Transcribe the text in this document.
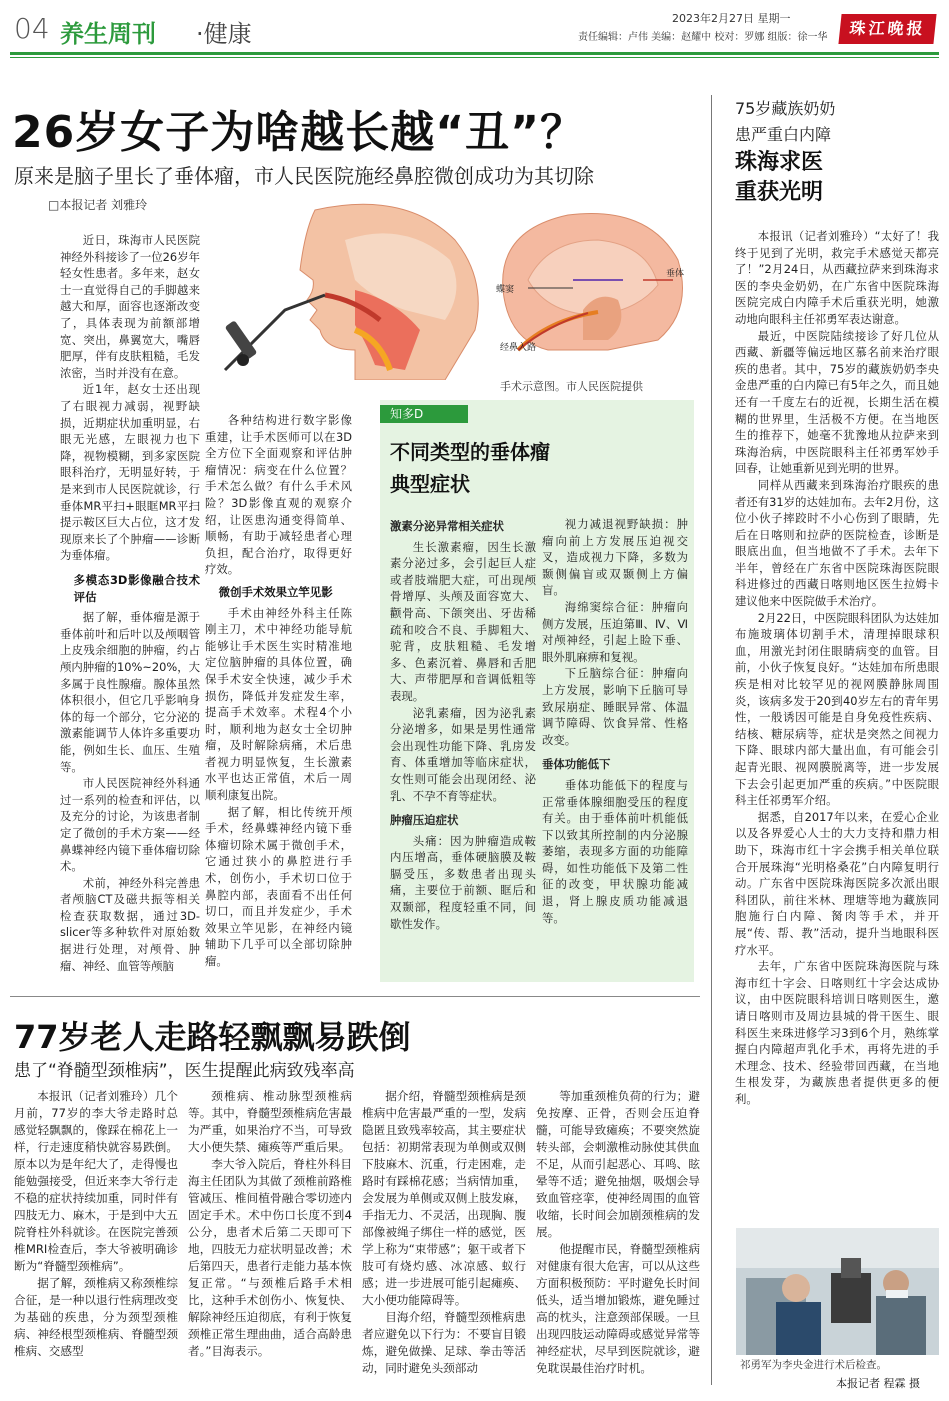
04 养生周刊 ·健康
2023年2月27日 星期一
责任编辑：卢伟 美编：赵耀中 校对：罗娜 组版：徐一华	珠江晚报
26岁女子为啥越长越“丑”？
原来是脑子里长了垂体瘤，市人民医院施经鼻腔微创成功为其切除
□本报记者 刘雅玲
蝶窦
垂体
经鼻入路
手术示意图。市人民医院提供

近日，珠海市人民医院神经外科接诊了一位26岁年轻女性患者。多年来，赵女士一直觉得自己的手脚越来越大和厚，面容也逐渐改变了，具体表现为前额部增宽、突出，鼻翼宽大，嘴唇肥厚，伴有皮肤粗糙，毛发浓密，当时并没有在意。

近1年，赵女士还出现了右眼视力减弱，视野缺损，近期症状加重明显，右眼无光感，左眼视力也下降，视物模糊，到多家医院眼科治疗，无明显好转，于是来到市人民医院就诊，行垂体MR平扫+眼眶MR平扫提示鞍区巨大占位，这才发现原来长了个肿瘤——诊断为垂体瘤。

多模态3D影像融合技术评估

据了解，垂体瘤是源于垂体前叶和后叶以及颅咽管上皮残余细胞的肿瘤，约占颅内肿瘤的10%~20%，大多属于良性腺瘤。腺体虽然体积很小，但它几乎影响身体的每一个部分，它分泌的激素能调节人体许多重要功能，例如生长、血压、生殖等。

市人民医院神经外科通过一系列的检查和评估，以及充分的讨论，为该患者制定了微创的手术方案——经鼻蝶神经内镜下垂体瘤切除术。

术前，神经外科完善患者颅脑CT及磁共振等相关检查获取数据，通过3D-slicer等多种软件对原始数据进行处理，对颅骨、肿瘤、神经、血管等颅脑

各种结构进行数字影像重建，让手术医师可以在3D全方位下全面观察和评估肿瘤情况：病变在什么位置？手术怎么做？有什么手术风险？3D影像直观的观察介绍，让医患沟通变得简单、顺畅，有助于减轻患者心理负担，配合治疗，取得更好疗效。

微创手术效果立竿见影

手术由神经外科主任陈刚主刀，术中神经功能导航能够让手术医生实时精准地定位脑肿瘤的具体位置，确保手术安全快速，减少手术损伤，降低并发症发生率，提高手术效率。术程4个小时，顺利地为赵女士全切肿瘤，及时解除病痛，术后患者视力明显恢复，生长激素水平也达正常值，术后一周顺利康复出院。

据了解，相比传统开颅手术，经鼻蝶神经内镜下垂体瘤切除术属于微创手术，它通过狭小的鼻腔进行手术，创伤小，手术切口位于鼻腔内部，表面看不出任何切口，而且并发症少，手术效果立竿见影，在神经内镜辅助下几乎可以全部切除肿瘤。

知多D
不同类型的垂体瘤
典型症状
激素分泌异常相关症状

生长激素瘤，因生长激素分泌过多，会引起巨人症或者肢端肥大症，可出现颅骨增厚、头颅及面容宽大、颧骨高、下颌突出、牙齿稀疏和咬合不良、手脚粗大、驼背，皮肤粗糙、毛发增多、色素沉着、鼻唇和舌肥大、声带肥厚和音调低粗等表现。

泌乳素瘤，因为泌乳素分泌增多，如果是男性通常会出现性功能下降、乳房发育、体重增加等临床症状，女性则可能会出现闭经、泌乳、不孕不育等症状。

肿瘤压迫症状

头痛：因为肿瘤造成鞍内压增高，垂体硬脑膜及鞍膈受压，多数患者出现头痛，主要位于前额、眶后和双颞部，程度轻重不同，间歇性发作。

视力减退视野缺损：肿瘤向前上方发展压迫视交叉，造成视力下降，多数为颞侧偏盲或双颞侧上方偏盲。

海绵窦综合征：肿瘤向侧方发展，压迫第Ⅲ、Ⅳ、Ⅵ对颅神经，引起上睑下垂、眼外肌麻痹和复视。

下丘脑综合征：肿瘤向上方发展，影响下丘脑可导致尿崩症、睡眠异常、体温调节障碍、饮食异常、性格改变。

垂体功能低下

垂体功能低下的程度与正常垂体腺细胞受压的程度有关。由于垂体前叶机能低下以致其所控制的内分泌腺萎缩，表现多方面的功能障碍，如性功能低下及第二性征的改变，甲状腺功能减退，肾上腺皮质功能减退等。

75岁藏族奶奶
患严重白内障
珠海求医
重获光明

本报讯（记者刘雅玲）“太好了！我终于见到了光明，救完手术感觉天都亮了！”2月24日，从西藏拉萨来到珠海求医的李央金奶奶，在广东省中医院珠海医院完成白内障手术后重获光明，她激动地向眼科主任祁勇军表达谢意。

最近，中医院陆续接诊了好几位从西藏、新疆等偏远地区慕名前来治疗眼疾的患者。其中，75岁的藏族奶奶李央金患严重的白内障已有5年之久，而且她还有一千度左右的近视，长期生活在模糊的世界里，生活极不方便。在当地医生的推荐下，她毫不犹豫地从拉萨来到珠海治病，中医院眼科主任祁勇军妙手回春，让她重新见到光明的世界。

同样从西藏来到珠海治疗眼疾的患者还有31岁的达娃加布。去年2月份，这位小伙子摔跤时不小心伤到了眼睛，先后在日喀则和拉萨的医院检查，诊断是眼底出血，但当地做不了手术。去年下半年，曾经在广东省中医院珠海医院眼科进修过的西藏日喀则地区医生拉姆卡建议他来中医院做手术治疗。

2月22日，中医院眼科团队为达娃加布施玻璃体切割手术，清理掉眼球积血，用激光封闭住眼睛病变的血管。目前，小伙子恢复良好。“达娃加布所患眼疾是相对比较罕见的视网膜静脉周围炎，该病多发于20到40岁左右的青年男性，一般诱因可能是自身免疫性疾病、结核、糖尿病等，症状是突然之间视力下降、眼球内部大量出血，有可能会引起青光眼、视网膜脱离等，进一步发展下去会引起更加严重的疾病。”中医院眼科主任祁勇军介绍。

据悉，自2017年以来，在爱心企业以及各界爱心人士的大力支持和鼎力相助下，珠海市红十字会携手相关单位联合开展珠海“光明格桑花”白内障复明行动。广东省中医院珠海医院多次派出眼科团队，前往米林、理塘等地为藏族同胞施行白内障、胬肉等手术，并开展“传、帮、教”活动，提升当地眼科医疗水平。

去年，广东省中医院珠海医院与珠海市红十字会、日喀则红十字会达成协议，由中医院眼科培训日喀则医生，邀请日喀则市及周边县城的骨干医生、眼科医生来珠进修学习3到6个月，熟练掌握白内障超声乳化手术，再将先进的手术理念、技术、经验带回西藏，在当地生根发芽，为藏族患者提供更多的便利。

祁勇军为李央金进行术后检查。
本报记者 程霖 摄
77岁老人走路轻飘飘易跌倒
患了“脊髓型颈椎病”，医生提醒此病致残率高

本报讯（记者刘雅玲）几个月前，77岁的李大爷走路时总感觉轻飘飘的，像踩在棉花上一样，行走速度稍快就容易跌倒。原本以为是年纪大了，走得慢也能勉强接受，但近来李大爷行走不稳的症状持续加重，同时伴有四肢无力、麻木，于是到中大五院脊柱外科就诊。在医院完善颈椎MRI检查后，李大爷被明确诊断为“脊髓型颈椎病”。

据了解，颈椎病又称颈椎综合征，是一种以退行性病理改变为基础的疾患，分为颈型颈椎病、神经根型颈椎病、脊髓型颈椎病、交感型

颈椎病、椎动脉型颈椎病等。其中，脊髓型颈椎病危害最为严重，如果治疗不当，可导致大小便失禁、瘫痪等严重后果。

李大爷入院后，脊柱外科目海主任团队为其做了颈椎前路椎管减压、椎间植骨融合零切迹内固定手术。术中伤口长度不到4公分，患者术后第二天即可下地，四肢无力症状明显改善；术后第四天，患者行走能力基本恢复正常。“与颈椎后路手术相比，这种手术创伤小、恢复快、解除神经压迫彻底，有利于恢复颈椎正常生理曲曲，适合高龄患者。”目海表示。

据介绍，脊髓型颈椎病是颈椎病中危害最严重的一型，发病隐匿且致残率较高，其主要症状包括：初期常表现为单侧或双侧下肢麻木、沉重，行走困难，走路时有踩棉花感；当病情加重，会发展为单侧或双侧上肢发麻，手指无力、不灵活，出现胸、腹部像被绳子绑住一样的感觉，医学上称为“束带感”；躯干或者下肢可有烧灼感、冰凉感、蚁行感；进一步进展可能引起瘫痪、大小便功能障碍等。

目海介绍，脊髓型颈椎病患者应避免以下行为：不要盲目锻炼，避免做操、足球、拳击等活动，同时避免头颈部动

等加重颈椎负荷的行为；避免按摩、正骨，否则会压迫脊髓，可能导致瘫痪；不要突然旋转头部，会刺激椎动脉使其供血不足，从而引起恶心、耳鸣、眩晕等不适；避免抽烟，吸烟会导致血管痉挛，使神经周围的血管收缩，长时间会加剧颈椎病的发展。

他提醒市民，脊髓型颈椎病对健康有很大危害，可以从这些方面积极预防：平时避免长时间低头，适当增加锻炼，避免睡过高的枕头，注意颈部保暖。一旦出现四肢运动障碍或感觉异常等神经症状，尽早到医院就诊，避免耽误最佳治疗时机。
